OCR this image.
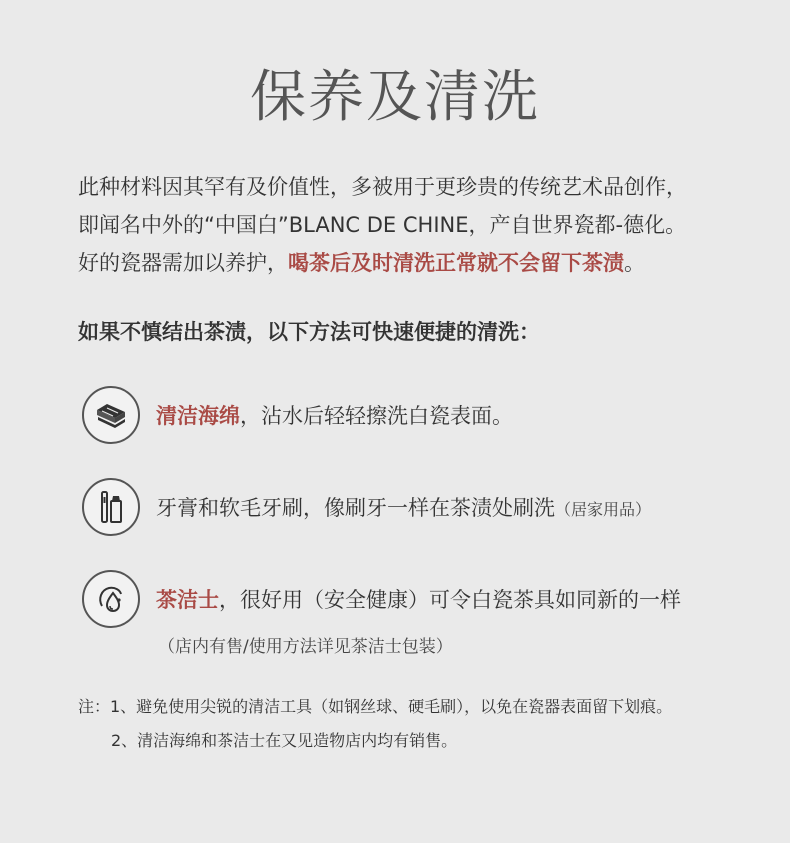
保养及清洗

此种材料因其罕有及价值性，多被用于更珍贵的传统艺术品创作，

即闻名中外的“中国白”BLANC DE CHINE，产自世界瓷都-德化。

好的瓷器需加以养护，喝茶后及时清洗正常就不会留下茶渍。

如果不慎结出茶渍，以下方法可快速便捷的清洗：
清洁海绵，沾水后轻轻擦洗白瓷表面。
牙膏和软毛牙刷，像刷牙一样在茶渍处刷洗（居家用品）
茶洁士，很好用（安全健康）可令白瓷茶具如同新的一样
（店内有售/使用方法详见茶洁士包装）

注：1、避免使用尖锐的清洁工具（如钢丝球、硬毛刷），以免在瓷器表面留下划痕。

2、清洁海绵和茶洁士在又见造物店内均有销售。
